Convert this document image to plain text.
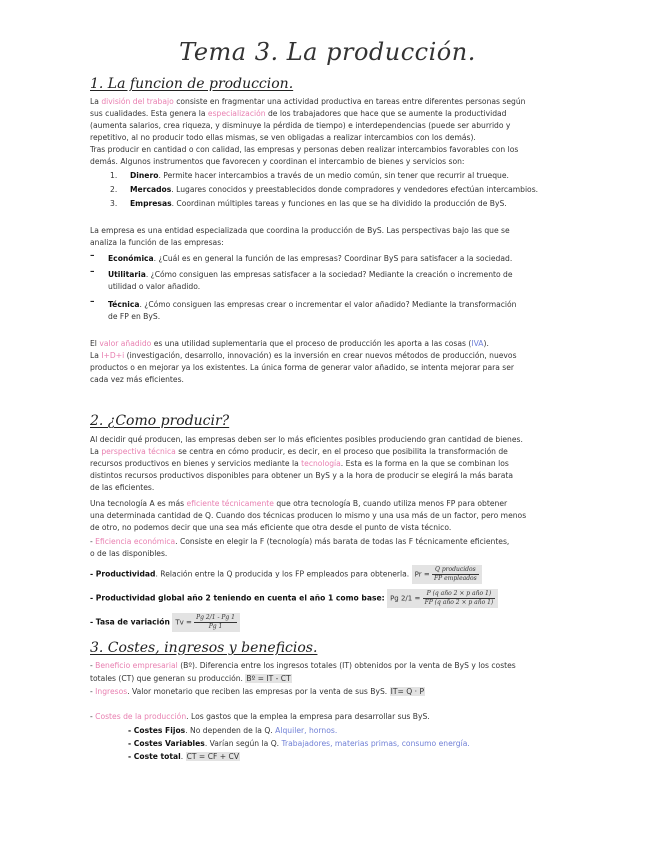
Tema 3. La producción.
1. La funcion de produccion.
La división del trabajo consiste en fragmentar una actividad productiva en tareas entre diferentes personas según
sus cualidades. Esta genera la especialización de los trabajadores que hace que se aumente la productividad
(aumenta salarios, crea riqueza, y disminuye la pérdida de tiempo) e interdependencias (puede ser aburrido y
repetitivo, al no producir todo ellas mismas, se ven obligadas a realizar intercambios con los demás).
Tras producir en cantidad o con calidad, las empresas y personas deben realizar intercambios favorables con los
demás. Algunos instrumentos que favorecen y coordinan el intercambio de bienes y servicios son:
1. Dinero. Permite hacer intercambios a través de un medio común, sin tener que recurrir al trueque.
2. Mercados. Lugares conocidos y preestablecidos donde compradores y vendedores efectúan intercambios.
3. Empresas. Coordinan múltiples tareas y funciones en las que se ha dividido la producción de ByS.
La empresa es una entidad especializada que coordina la producción de ByS. Las perspectivas bajo las que se
analiza la función de las empresas:
– Económica. ¿Cuál es en general la función de las empresas? Coordinar ByS para satisfacer a la sociedad.
– Utilitaria. ¿Cómo consiguen las empresas satisfacer a la sociedad? Mediante la creación o incremento de
utilidad o valor añadido.
– Técnica. ¿Cómo consiguen las empresas crear o incrementar el valor añadido? Mediante la transformación
de FP en ByS.
El valor añadido es una utilidad suplementaria que el proceso de producción les aporta a las cosas (IVA).
La I+D+i (investigación, desarrollo, innovación) es la inversión en crear nuevos métodos de producción, nuevos
productos o en mejorar ya los existentes. La única forma de generar valor añadido, se intenta mejorar para ser
cada vez más eficientes.
2. ¿Como producir?
Al decidir qué producen, las empresas deben ser lo más eficientes posibles produciendo gran cantidad de bienes.
La perspectiva técnica se centra en cómo producir, es decir, en el proceso que posibilita la transformación de
recursos productivos en bienes y servicios mediante la tecnología. Esta es la forma en la que se combinan los
distintos recursos productivos disponibles para obtener un ByS y a la hora de producir se elegirá la más barata
de las eficientes.
Una tecnología A es más eficiente técnicamente que otra tecnología B, cuando utiliza menos FP para obtener
una determinada cantidad de Q. Cuando dos técnicas producen lo mismo y una usa más de un factor, pero menos
de otro, no podemos decir que una sea más eficiente que otra desde el punto de vista técnico.
- Eficiencia económica. Consiste en elegir la F (tecnología) más barata de todas las F técnicamente eficientes,
o de las disponibles.
- Productividad. Relación entre la Q producida y los FP empleados para obtenerla. $Pr = \frac{\text{Q producidos}}{\text{FP empleados}}$
- Productividad global año 2 teniendo en cuenta el año 1 como base: Pg $2/1 = \frac{\text{P (q año 2 × p año 1)}}{\text{FP (q año 2 × p año 1)}}$
- Tasa de variación $Tv = \frac{Pg 2/1 - Pg 1}{Pg 1}$
3. Costes, ingresos y beneficios.
- Beneficio empresarial (Bº). Diferencia entre los ingresos totales (IT) obtenidos por la venta de ByS y los costes
totales (CT) que generan su producción. Bº = IT - CT
- Ingresos. Valor monetario que reciben las empresas por la venta de sus ByS. IT= Q · P
- Costes de la producción. Los gastos que la emplea la empresa para desarrollar sus ByS.
- Costes Fijos. No dependen de la Q. Alquiler, hornos.
- Costes Variables. Varían según la Q. Trabajadores, materias primas, consumo energía.
- Coste total. CT = CF + CV
